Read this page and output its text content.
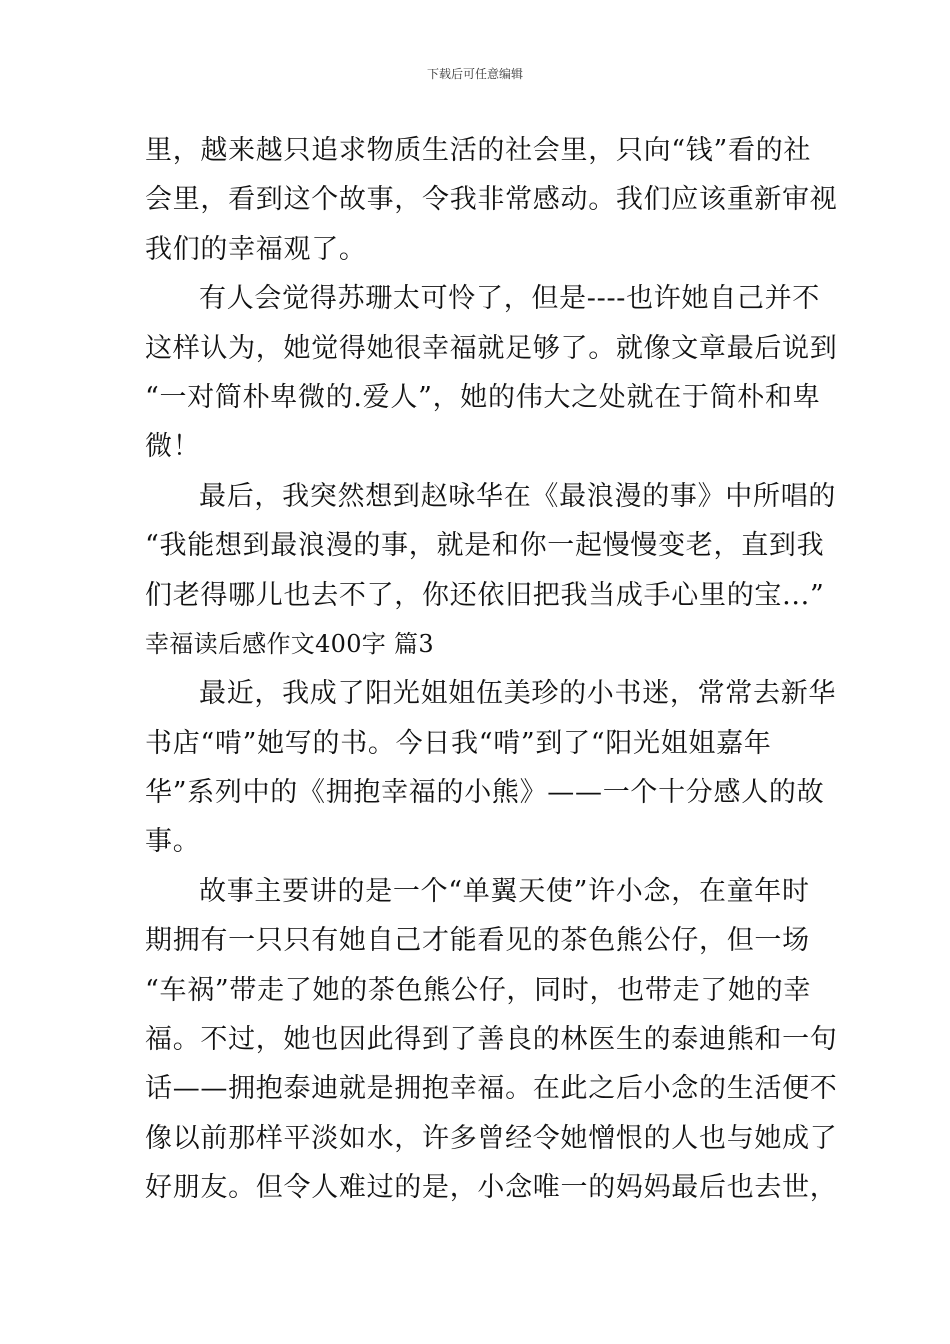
下载后可任意编辑
里，越来越只追求物质生活的社会里，只向“钱”看的社
会里，看到这个故事，令我非常感动。我们应该重新审视
我们的幸福观了。
有人会觉得苏珊太可怜了，但是----也许她自己并不
这样认为，她觉得她很幸福就足够了。就像文章最后说到
“一对简朴卑微的.爱人”，她的伟大之处就在于简朴和卑
微！
最后，我突然想到赵咏华在《最浪漫的事》中所唱的
“我能想到最浪漫的事，就是和你一起慢慢变老，直到我
们老得哪儿也去不了，你还依旧把我当成手心里的宝...”
幸福读后感作文400字 篇3
最近，我成了阳光姐姐伍美珍的小书迷，常常去新华
书店“啃”她写的书。今日我“啃”到了“阳光姐姐嘉年
华”系列中的《拥抱幸福的小熊》——一个十分感人的故
事。
故事主要讲的是一个“单翼天使”许小念，在童年时
期拥有一只只有她自己才能看见的茶色熊公仔，但一场
“车祸”带走了她的茶色熊公仔，同时，也带走了她的幸
福。不过，她也因此得到了善良的林医生的泰迪熊和一句
话——拥抱泰迪就是拥抱幸福。在此之后小念的生活便不
像以前那样平淡如水，许多曾经令她憎恨的人也与她成了
好朋友。但令人难过的是，小念唯一的妈妈最后也去世，
